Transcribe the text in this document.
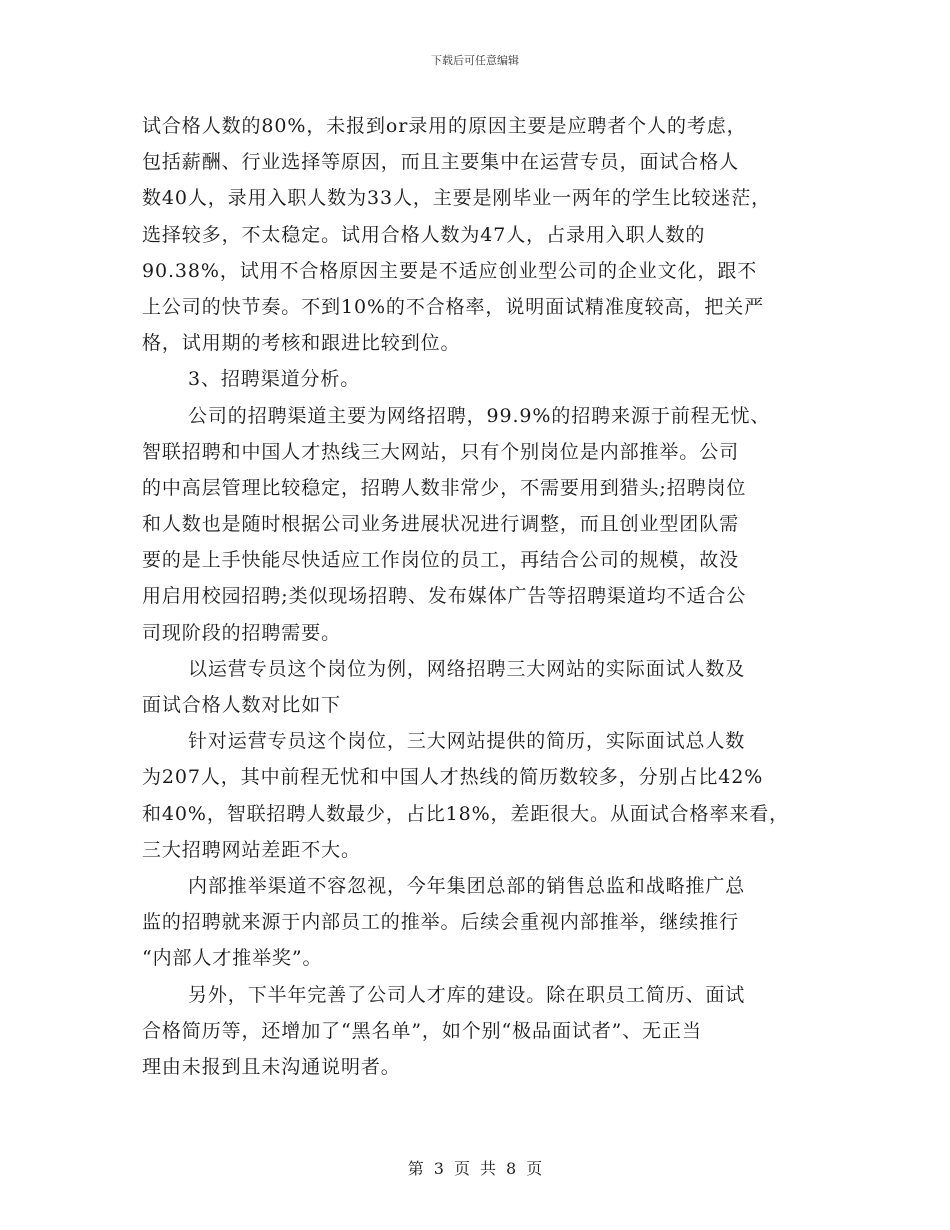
下载后可任意编辑
试合格人数的80%，未报到or录用的原因主要是应聘者个人的考虑，
包括薪酬、行业选择等原因，而且主要集中在运营专员，面试合格人
数40人，录用入职人数为33人，主要是刚毕业一两年的学生比较迷茫，
选择较多，不太稳定。试用合格人数为47人，占录用入职人数的
90.38%，试用不合格原因主要是不适应创业型公司的企业文化，跟不
上公司的快节奏。不到10%的不合格率，说明面试精准度较高，把关严
格，试用期的考核和跟进比较到位。
3、招聘渠道分析。
公司的招聘渠道主要为网络招聘，99.9%的招聘来源于前程无忧、
智联招聘和中国人才热线三大网站，只有个别岗位是内部推举。公司
的中高层管理比较稳定，招聘人数非常少，不需要用到猎头;招聘岗位
和人数也是随时根据公司业务进展状况进行调整，而且创业型团队需
要的是上手快能尽快适应工作岗位的员工，再结合公司的规模，故没
用启用校园招聘;类似现场招聘、发布媒体广告等招聘渠道均不适合公
司现阶段的招聘需要。
以运营专员这个岗位为例，网络招聘三大网站的实际面试人数及
面试合格人数对比如下
针对运营专员这个岗位，三大网站提供的简历，实际面试总人数
为207人，其中前程无忧和中国人才热线的简历数较多，分别占比42%
和40%，智联招聘人数最少，占比18%，差距很大。从面试合格率来看，
三大招聘网站差距不大。
内部推举渠道不容忽视，今年集团总部的销售总监和战略推广总
监的招聘就来源于内部员工的推举。后续会重视内部推举，继续推行
“内部人才推举奖”。
另外，下半年完善了公司人才库的建设。除在职员工简历、面试
合格简历等，还增加了“黑名单”，如个别“极品面试者”、无正当
理由未报到且未沟通说明者。
第 3 页 共 8 页
